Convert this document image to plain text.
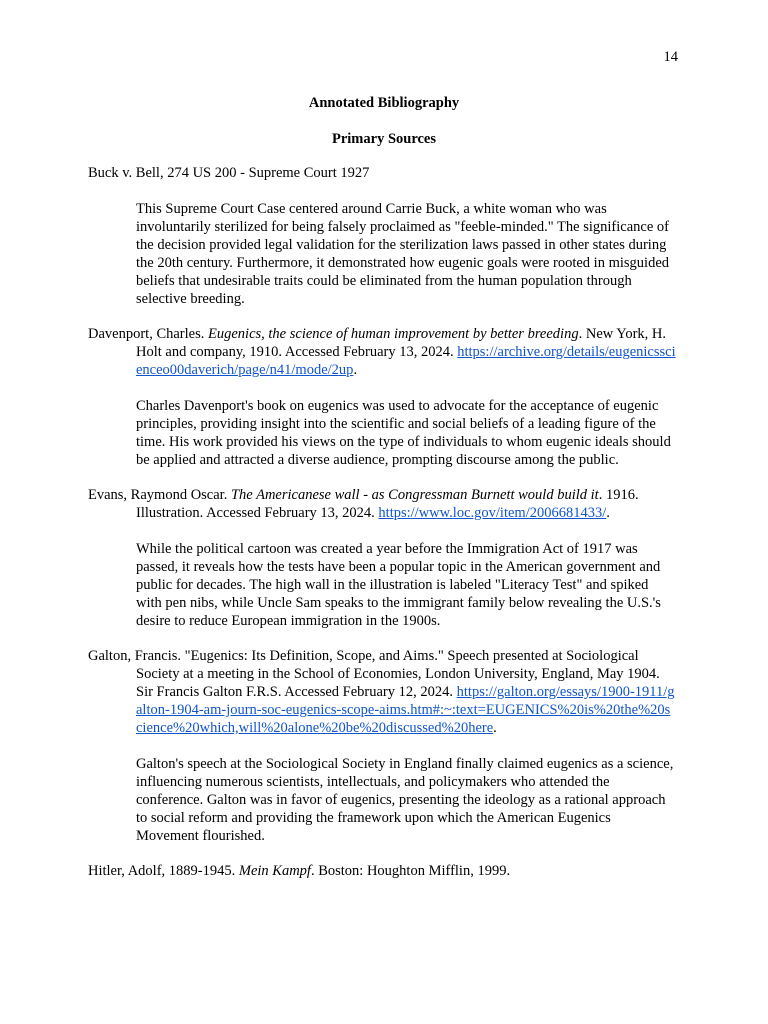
14
Annotated Bibliography
Primary Sources

Buck v. Bell, 274 US 200 - Supreme Court 1927

This Supreme Court Case centered around Carrie Buck, a white woman who was involuntarily sterilized for being falsely proclaimed as "feeble-minded." The significance of the decision provided legal validation for the sterilization laws passed in other states during the 20th century. Furthermore, it demonstrated how eugenic goals were rooted in misguided beliefs that undesirable traits could be eliminated from the human population through selective breeding.

Davenport, Charles. Eugenics, the science of human improvement by better breeding. New York, H. Holt and company, 1910. Accessed February 13, 2024. https://archive.org/details/eugenicsscienceo00daverich/page/n41/mode/2up.

Charles Davenport's book on eugenics was used to advocate for the acceptance of eugenic principles, providing insight into the scientific and social beliefs of a leading figure of the time. His work provided his views on the type of individuals to whom eugenic ideals should be applied and attracted a diverse audience, prompting discourse among the public.

Evans, Raymond Oscar. The Americanese wall - as Congressman Burnett would build it. 1916. Illustration. Accessed February 13, 2024. https://www.loc.gov/item/2006681433/.

While the political cartoon was created a year before the Immigration Act of 1917 was passed, it reveals how the tests have been a popular topic in the American government and public for decades. The high wall in the illustration is labeled "Literacy Test" and spiked with pen nibs, while Uncle Sam speaks to the immigrant family below revealing the U.S.'s desire to reduce European immigration in the 1900s.

Galton, Francis. "Eugenics: Its Definition, Scope, and Aims." Speech presented at Sociological Society at a meeting in the School of Economies, London University, England, May 1904. Sir Francis Galton F.R.S. Accessed February 12, 2024. https://galton.org/essays/1900-1911/galton-1904-am-journ-soc-eugenics-scope-aims.htm#:~:text=EUGENICS%20is%20the%20science%20which,will%20alone%20be%20discussed%20here.

Galton's speech at the Sociological Society in England finally claimed eugenics as a science, influencing numerous scientists, intellectuals, and policymakers who attended the conference. Galton was in favor of eugenics, presenting the ideology as a rational approach to social reform and providing the framework upon which the American Eugenics Movement flourished.

Hitler, Adolf, 1889-1945. Mein Kampf. Boston: Houghton Mifflin, 1999.
